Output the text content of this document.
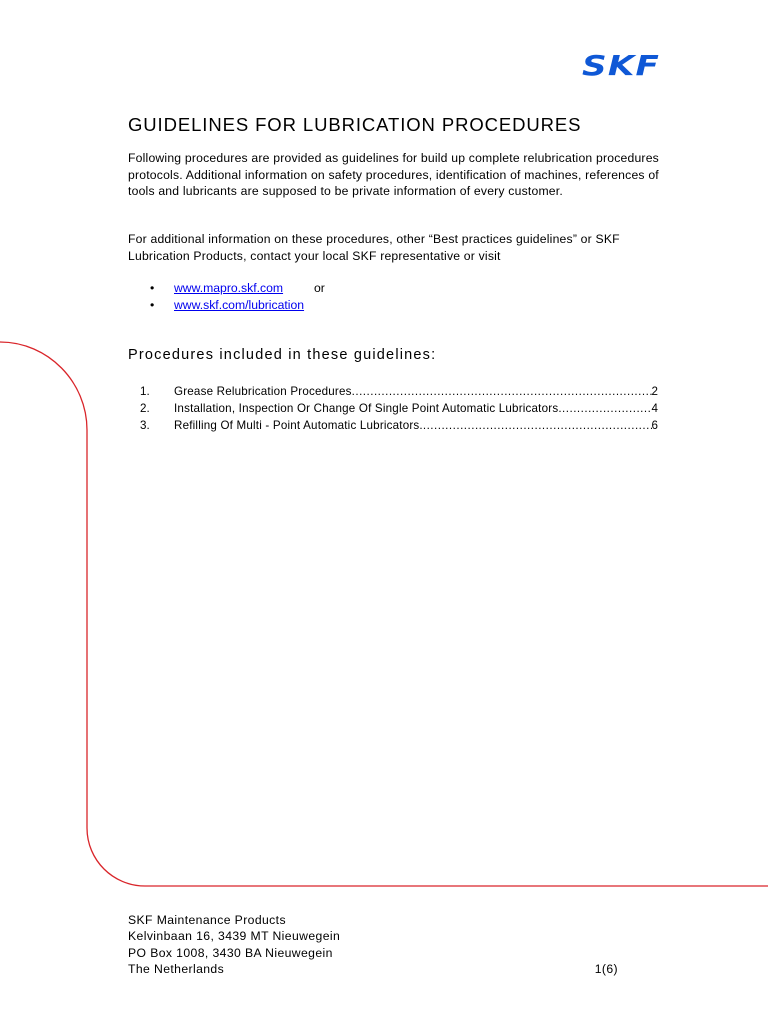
SKF
GUIDELINES FOR LUBRICATION PROCEDURES

Following procedures are provided as guidelines for build up complete relubrication procedures protocols. Additional information on safety procedures, identification of machines, references of tools and lubricants are supposed to be private information of every customer.

For additional information on these procedures, other “Best practices guidelines” or SKF Lubrication Products, contact your local SKF representative or visit

• www.mapro.skf.com	or
• www.skf.com/lubrication
Procedures included in these guidelines:
1. Grease Relubrication Procedures .....	2
2. Installation, Inspection Or Change Of Single Point Automatic Lubricators .....	4
3. Refilling Of Multi - Point Automatic Lubricators. .....	6
SKF Maintenance Products
Kelvinbaan 16, 3439 MT Nieuwegein
PO Box 1008, 3430 BA Nieuwegein
The Netherlands	1(6)
